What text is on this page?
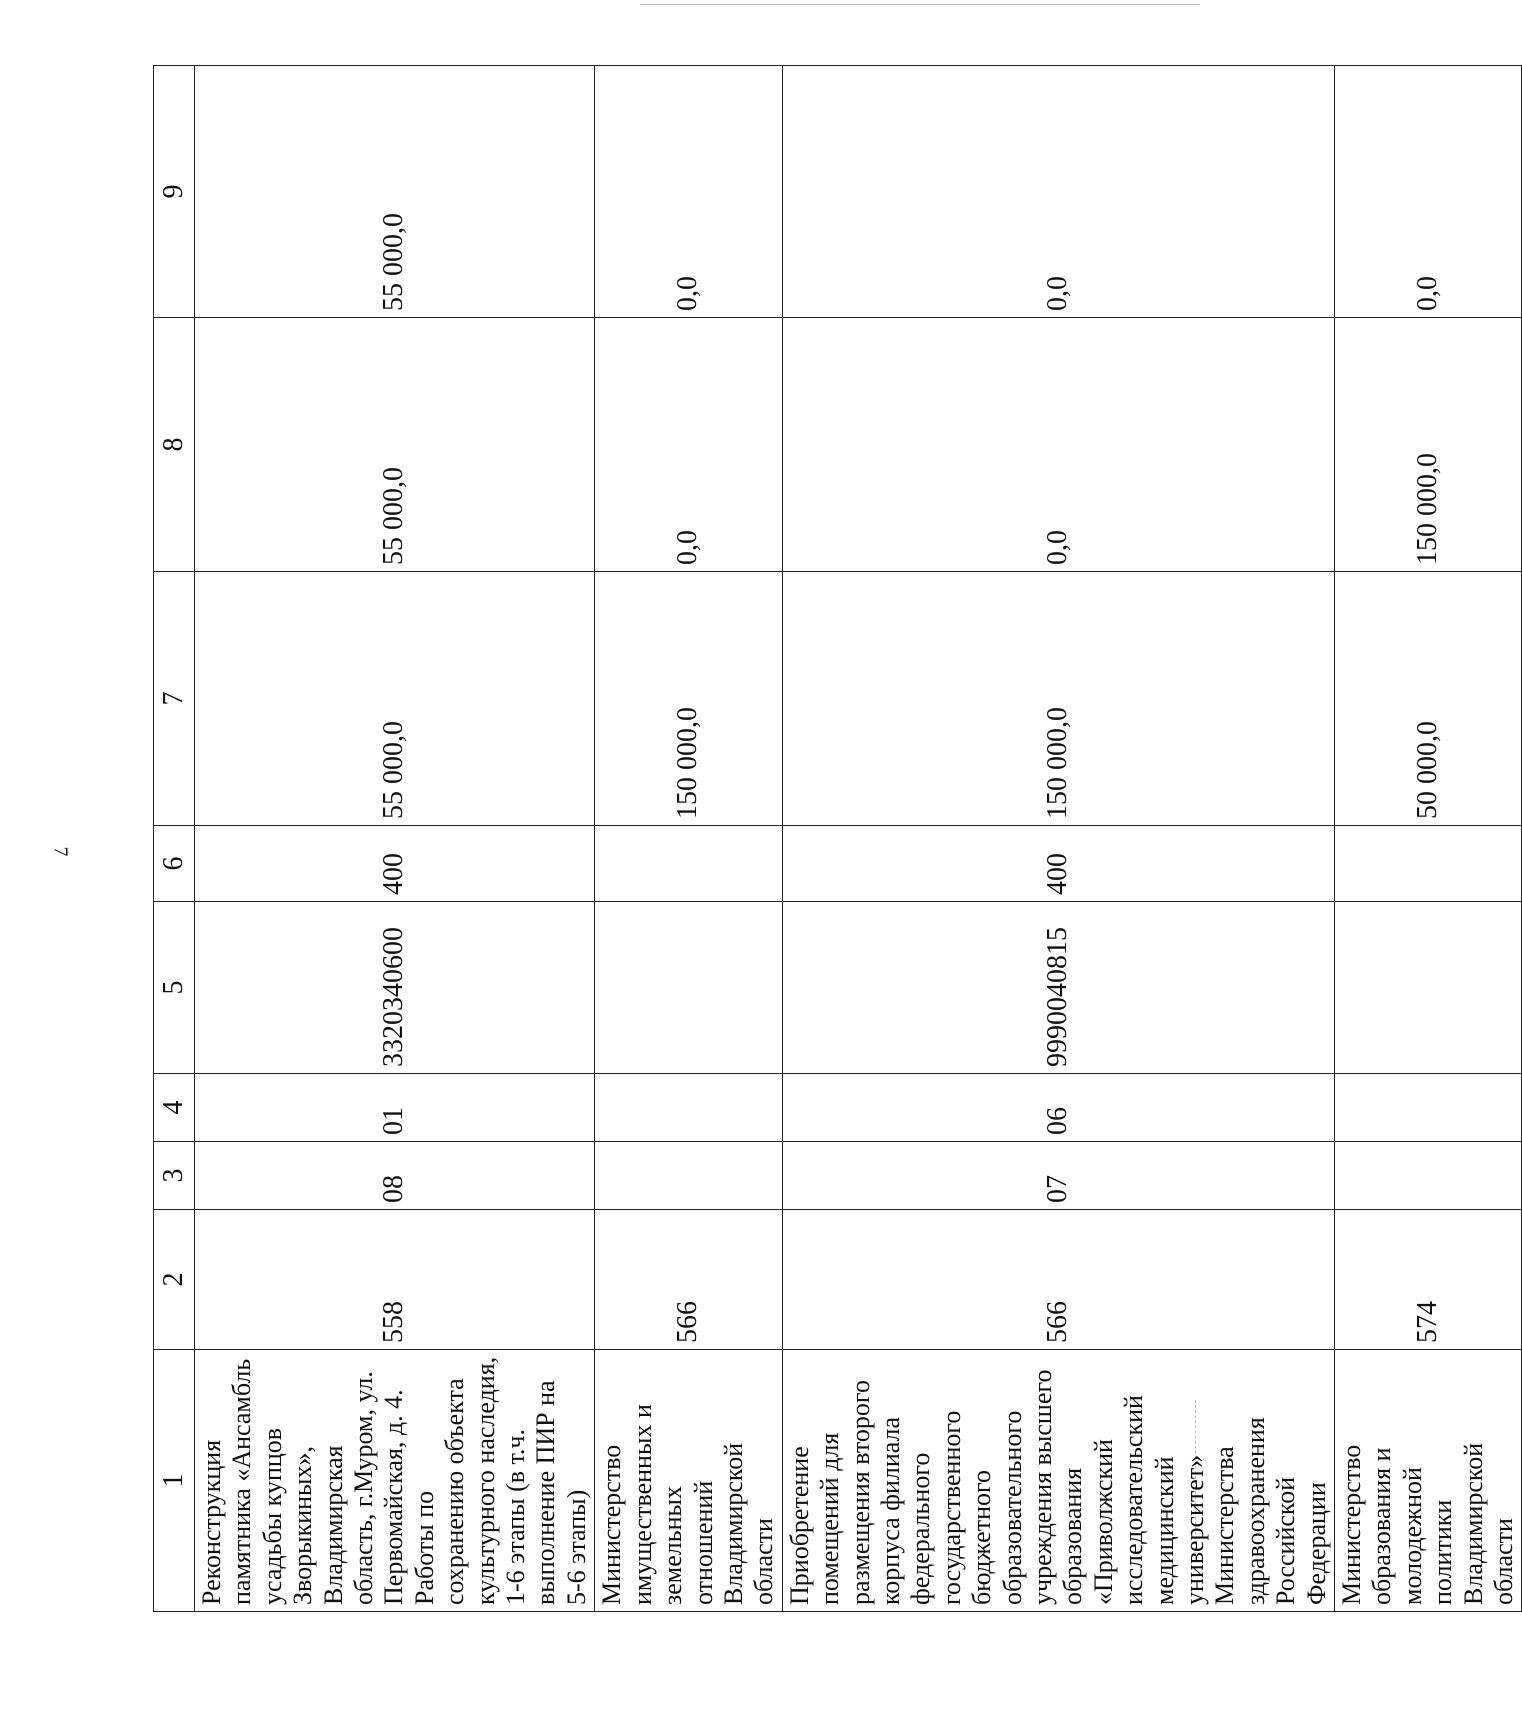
7
1	2	3	4	5	6	7	8	9
Реконструкция памятника «Ансамбль усадьбы купцов Зворыкиных», Владимирская область, г.Муром, ул. Первомайская, д. 4. Работы по сохранению объекта культурного наследия, 1-6 этапы (в т.ч. выполнение ПИР на 5-6 этапы)	558	08	01	3320340600	400	55 000,0	55 000,0	55 000,0
Министерство имущественных и земельных отношений Владимирской области	566					150 000,0	0,0	0,0
Приобретение помещений для размещения второго корпуса филиала федерального государственного бюджетного образовательного учреждения высшего образования «Приволжский исследовательский медицинский университет» Министерства здравоохранения Российской Федерации	566	07	06	9990040815	400	150 000,0	0,0	0,0
Министерство образования и молодежной политики Владимирской области	574					50 000,0	150 000,0	0,0
